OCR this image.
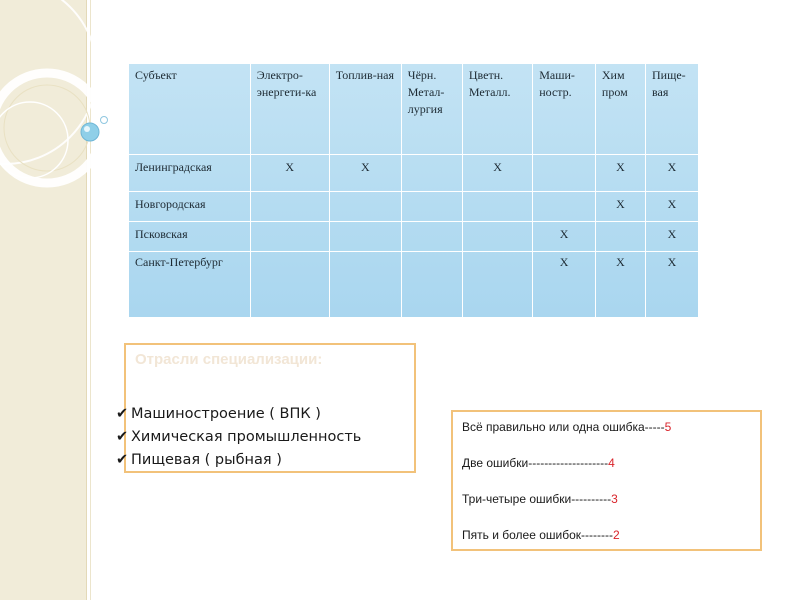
Субъект	Электро-энергети-ка	Топлив-ная	Чёрн. Метал-лургия	Цветн. Металл.	Маши-ностр.	Хим пром	Пище-вая
Ленинградская	Х	Х		Х		Х	Х
Новгородская						Х	Х
Псковская					Х		Х
Санкт-Петербург					Х	Х	Х
Отрасли специализации:
✔ Машиностроение ( ВПК )
✔ Химическая промышленность
✔ Пищевая ( рыбная )
Всё правильно или одна ошибка-----5
Две ошибки--------------------4
Три-четыре ошибки----------3
Пять и более ошибок--------2
